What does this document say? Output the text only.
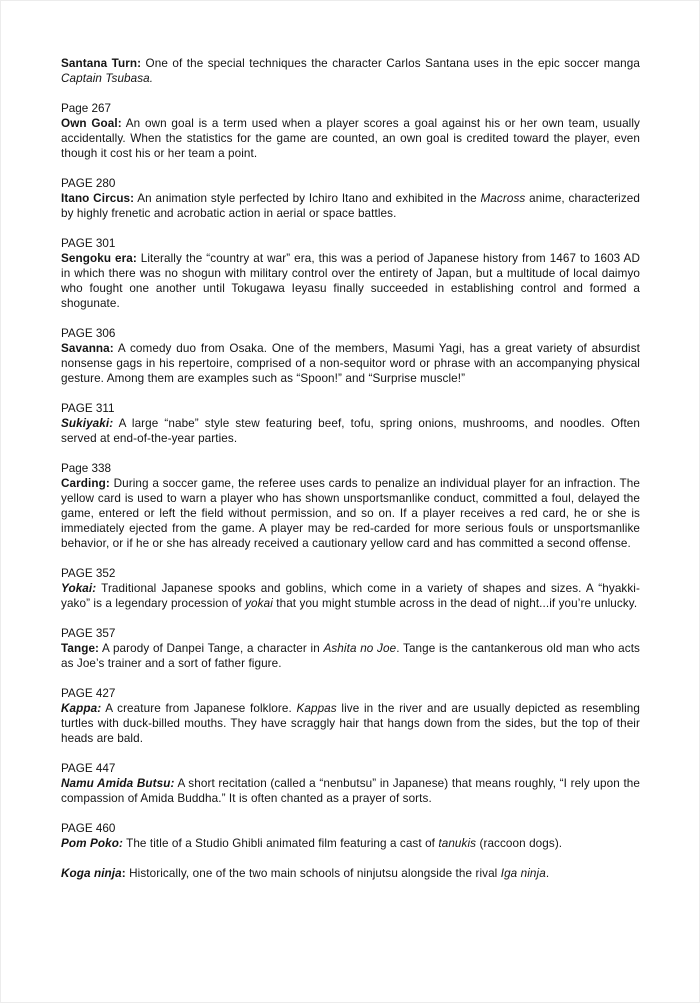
Santana Turn: One of the special techniques the character Carlos Santana uses in the epic soccer manga Captain Tsubasa.
Page 267
Own Goal: An own goal is a term used when a player scores a goal against his or her own team, usually accidentally. When the statistics for the game are counted, an own goal is credited toward the player, even though it cost his or her team a point.
PAGE 280
Itano Circus: An animation style perfected by Ichiro Itano and exhibited in the Macross anime, characterized by highly frenetic and acrobatic action in aerial or space battles.
PAGE 301
Sengoku era: Literally the “country at war” era, this was a period of Japanese history from 1467 to 1603 AD in which there was no shogun with military control over the entirety of Japan, but a multitude of local daimyo who fought one another until Tokugawa Ieyasu finally succeeded in establishing control and formed a shogunate.
PAGE 306
Savanna: A comedy duo from Osaka. One of the members, Masumi Yagi, has a great variety of absurdist nonsense gags in his repertoire, comprised of a non-sequitor word or phrase with an accompanying physical gesture. Among them are examples such as “Spoon!” and “Surprise muscle!”
PAGE 311
Sukiyaki: A large “nabe” style stew featuring beef, tofu, spring onions, mushrooms, and noodles. Often served at end-of-the-year parties.
Page 338
Carding: During a soccer game, the referee uses cards to penalize an individual player for an infraction. The yellow card is used to warn a player who has shown unsportsmanlike conduct, committed a foul, delayed the game, entered or left the field without permission, and so on. If a player receives a red card, he or she is immediately ejected from the game. A player may be red-carded for more serious fouls or unsportsmanlike behavior, or if he or she has already received a cautionary yellow card and has committed a second offense.
PAGE 352
Yokai: Traditional Japanese spooks and goblins, which come in a variety of shapes and sizes. A “hyakki-yako” is a legendary procession of yokai that you might stumble across in the dead of night...if you’re unlucky.
PAGE 357
Tange: A parody of Danpei Tange, a character in Ashita no Joe. Tange is the cantankerous old man who acts as Joe’s trainer and a sort of father figure.
PAGE 427
Kappa: A creature from Japanese folklore. Kappas live in the river and are usually depicted as resembling turtles with duck-billed mouths. They have scraggly hair that hangs down from the sides, but the top of their heads are bald.
PAGE 447
Namu Amida Butsu: A short recitation (called a “nenbutsu” in Japanese) that means roughly, “I rely upon the compassion of Amida Buddha.” It is often chanted as a prayer of sorts.
PAGE 460
Pom Poko: The title of a Studio Ghibli animated film featuring a cast of tanukis (raccoon dogs).
Koga ninja: Historically, one of the two main schools of ninjutsu alongside the rival Iga ninja.
